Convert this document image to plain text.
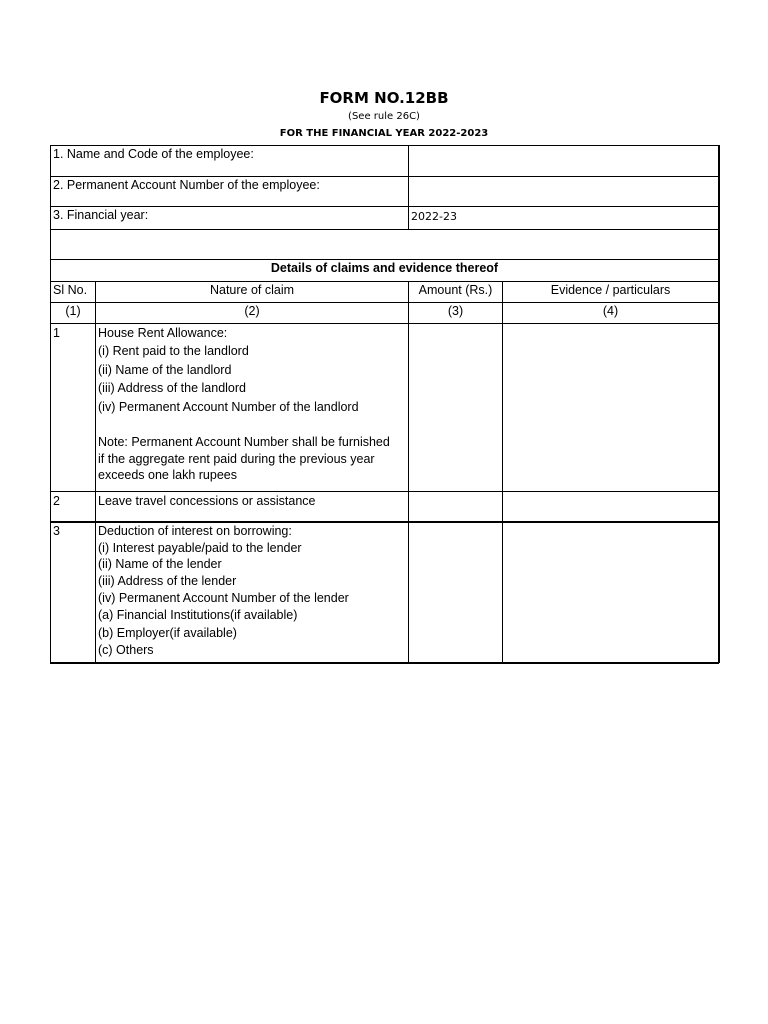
FORM NO.12BB
(See rule 26C)
FOR THE FINANCIAL YEAR 2022-2023
1. Name and Code of the employee:
2. Permanent Account Number of the employee:
3. Financial year:	2022-23
Details of claims and evidence thereof
Sl No.	Nature of claim	Amount (Rs.)	Evidence / particulars
(1)	(2)	(3)	(4)
1	House Rent Allowance:
(i) Rent paid to the landlord
(ii) Name of the landlord
(iii) Address of the landlord
(iv) Permanent Account Number of the landlord
Note: Permanent Account Number shall be furnished if the aggregate rent paid during the previous year exceeds one lakh rupees
2	Leave travel concessions or assistance
3	Deduction of interest on borrowing:
(i) Interest payable/paid to the lender
(ii) Name of the lender
(iii) Address of the lender
(iv) Permanent Account Number of the lender
(a) Financial Institutions(if available)
(b) Employer(if available)
(c) Others
